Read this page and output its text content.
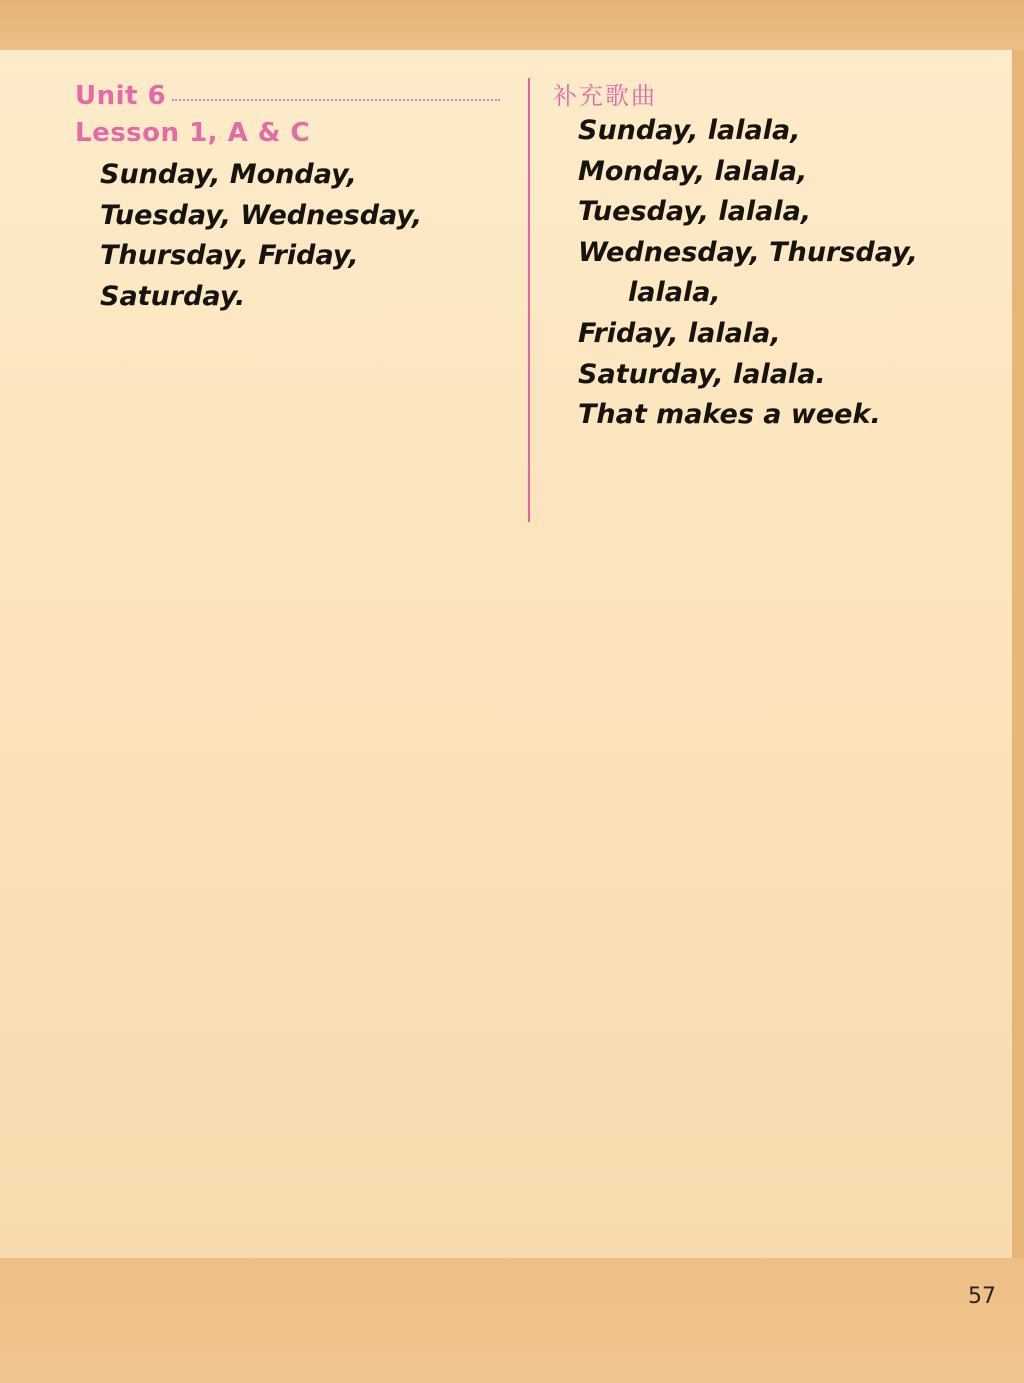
Unit 6
Lesson 1, A & C
Sunday, Monday,
Tuesday, Wednesday,
Thursday, Friday,
Saturday.
补充歌曲
Sunday, lalala,
Monday, lalala,
Tuesday, lalala,
Wednesday, Thursday,
lalala,
Friday, lalala,
Saturday, lalala.
That makes a week.
57
